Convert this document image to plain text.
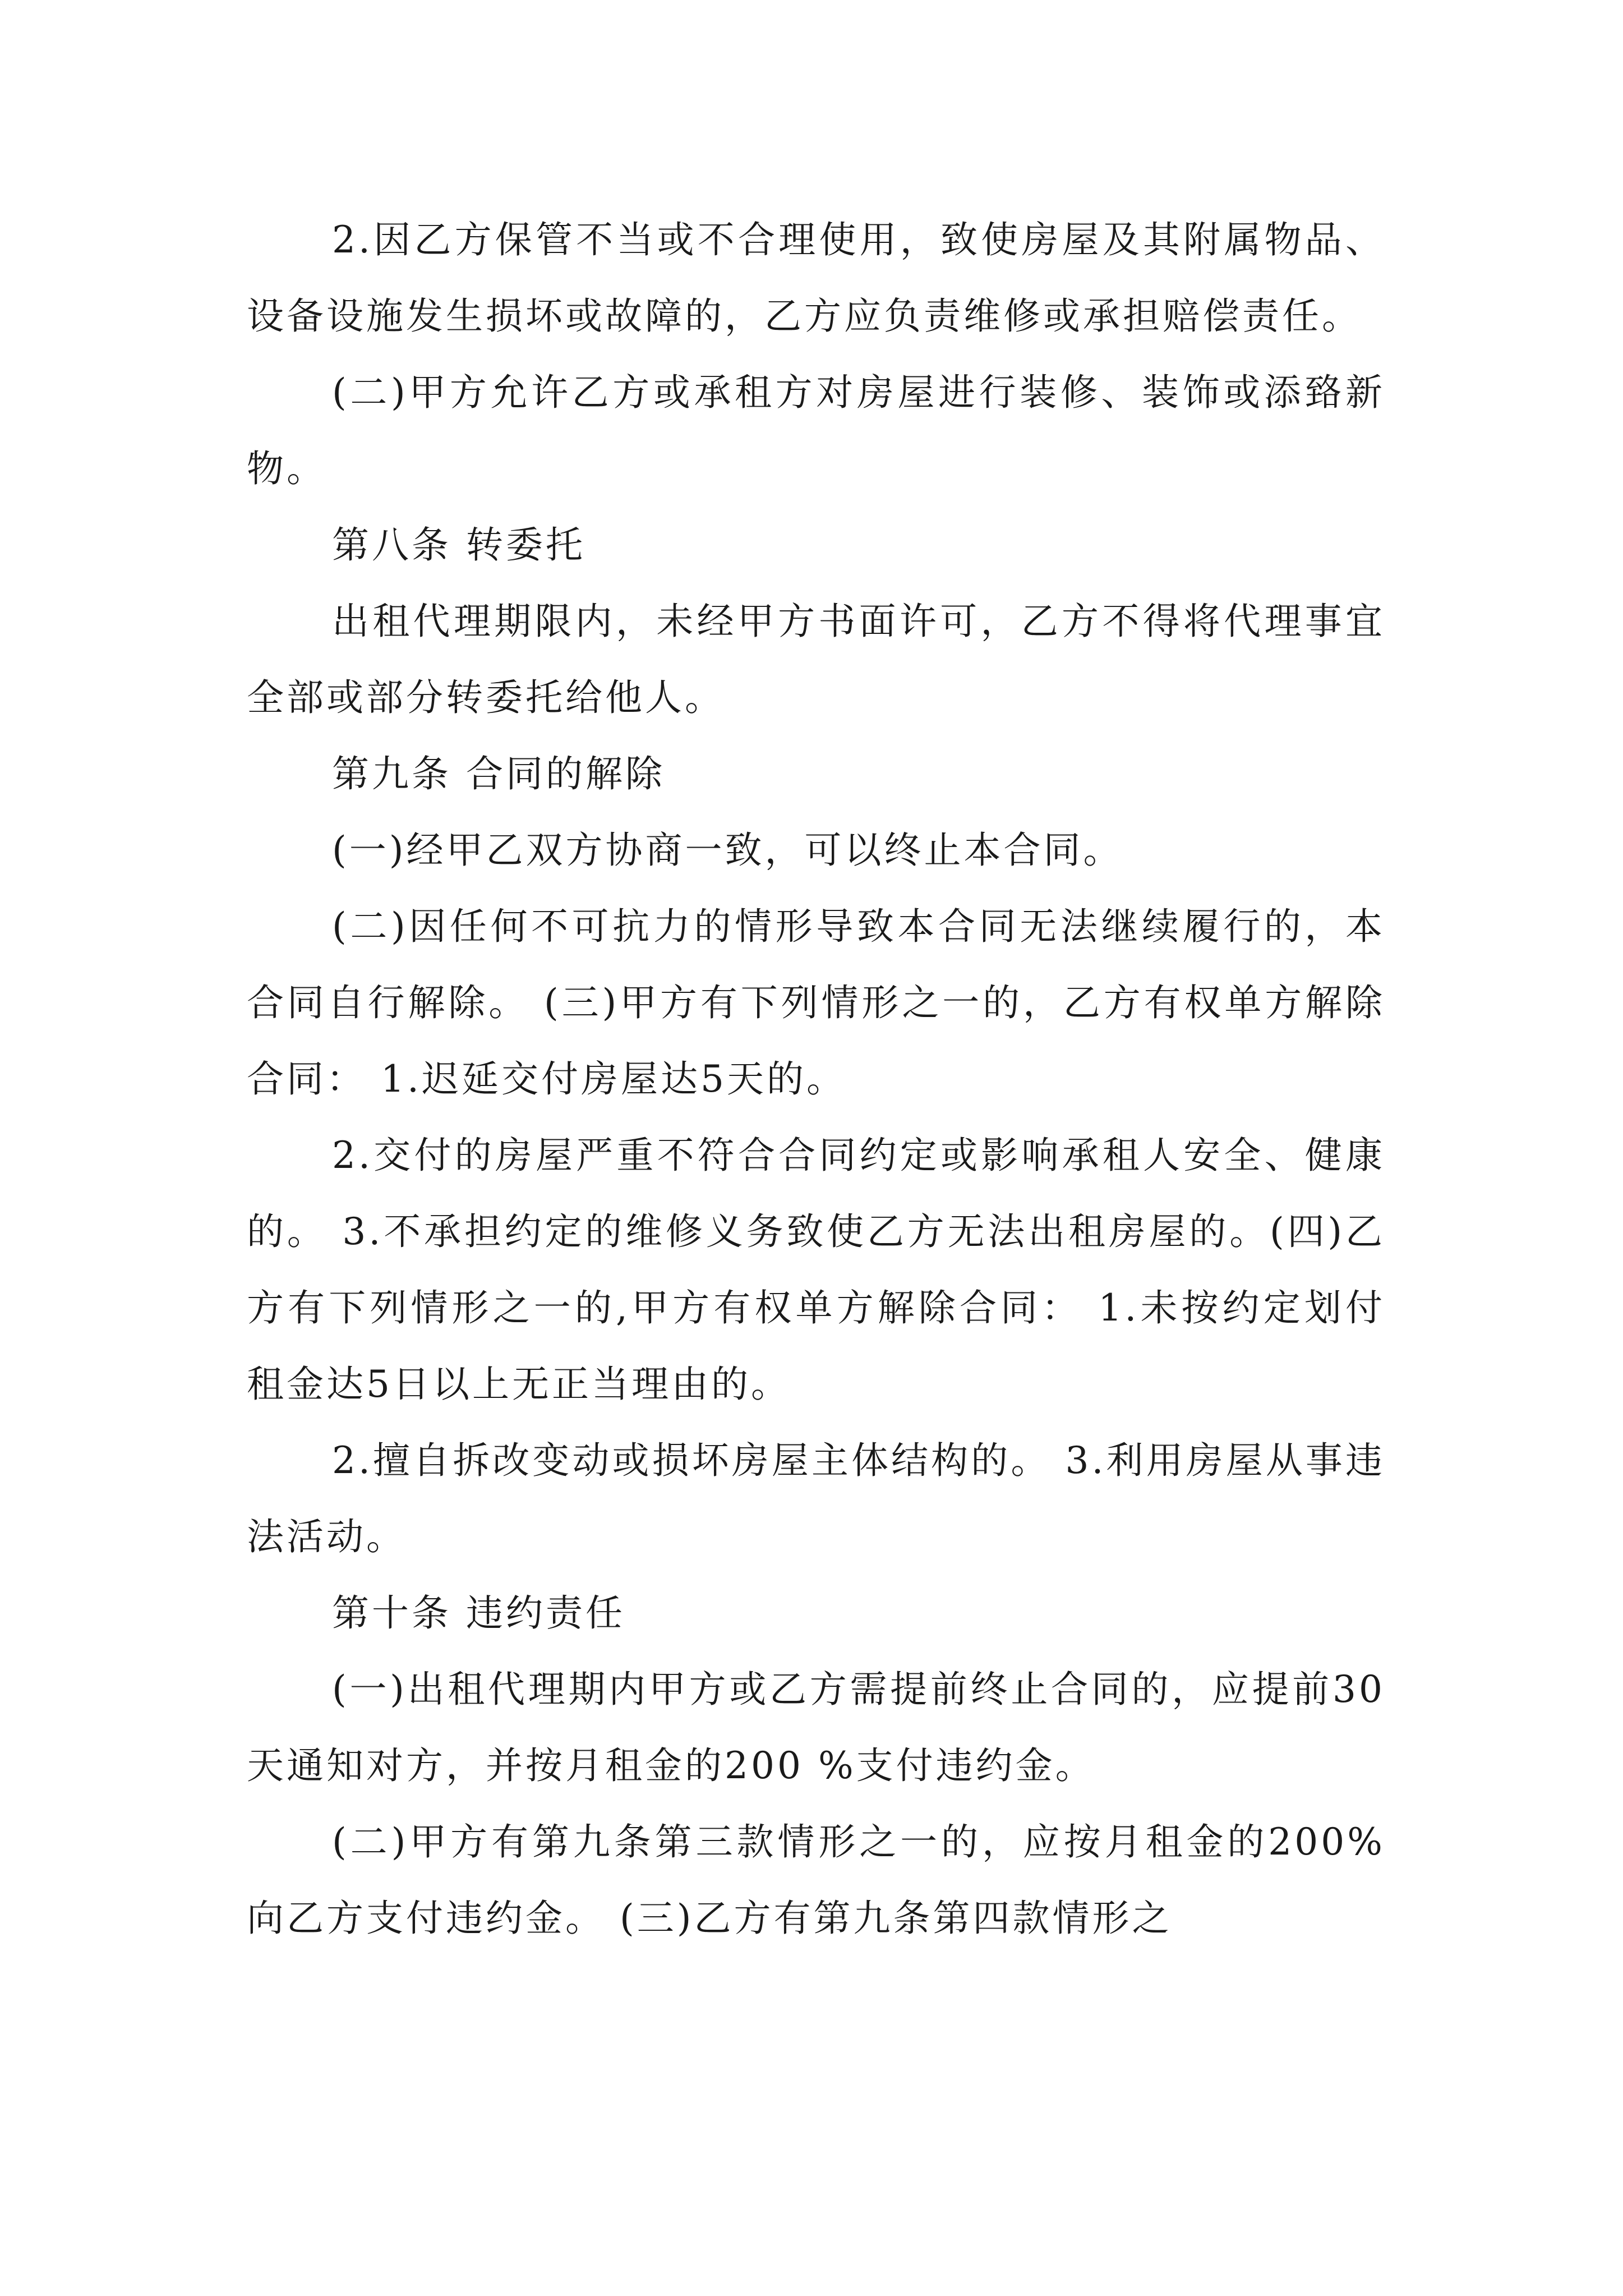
2.因乙方保管不当或不合理使用，致使房屋及其附属物品、设备设施发生损坏或故障的，乙方应负责维修或承担赔偿责任。

(二)甲方允许乙方或承租方对房屋进行装修、装饰或添臵新物。

第八条 转委托

出租代理期限内，未经甲方书面许可，乙方不得将代理事宜全部或部分转委托给他人。

第九条 合同的解除

(一)经甲乙双方协商一致，可以终止本合同。

(二)因任何不可抗力的情形导致本合同无法继续履行的，本合同自行解除。 (三)甲方有下列情形之一的，乙方有权单方解除合同： 1.迟延交付房屋达5天的。

2.交付的房屋严重不符合合同约定或影响承租人安全、健康的。 3.不承担约定的维修义务致使乙方无法出租房屋的。(四)乙方有下列情形之一的,甲方有权单方解除合同： 1.未按约定划付租金达5日以上无正当理由的。

2.擅自拆改变动或损坏房屋主体结构的。 3.利用房屋从事违法活动。

第十条 违约责任

(一)出租代理期内甲方或乙方需提前终止合同的，应提前30天通知对方，并按月租金的200 %支付违约金。

(二)甲方有第九条第三款情形之一的，应按月租金的200%向乙方支付违约金。 (三)乙方有第九条第四款情形之
